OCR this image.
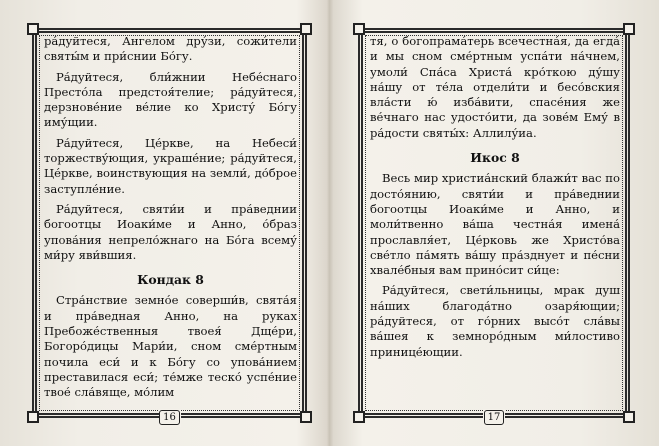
ра́дуйтеся, Ангелом дру́зи, сожи́тели святы́м и при́снии Бо́гу.

Ра́дуйтеся, бли́жнии Небе́снаго Престо́ла предстоя́телие; ра́дуйтеся, дерзнове́ние ве́лие ко Христу́ Бо́гу иму́щии.

Ра́дуйтеся, Це́ркве, на Небеси́ торжеству́ющия, украше́ние; ра́дуйтеся, Це́ркве, воинствующия на земли́, до́брое заступле́ние.

Ра́дуйтеся, святи́и и пра́веднии богоотцы Иоаки́ме и Анно, о́браз упова́ния непрело́жнаго на Бо́га всему́ ми́ру яви́вшия.

Кондак 8

Стра́нствие земно́е соверши́в, свята́я и пра́ведная Анно, на руках Пребоже́ственныя твоея́ Дще́ри, Богоро́дицы Мари́и, сном сме́ртным почила еси́ и к Бо́гу со упова́нием преставилася еси́; те́мже теско́ успе́ние твое́ сла́вяще, мо́лим

16

тя, о богопрама́терь всечестна́я, да егда́ и мы сном сме́ртным успа́ти на́чнем, умоли́ Спа́са Христа́ кро́ткою ду́шу на́шу от те́ла отдели́ти и бесо́вския вла́сти ю́ изба́вити, спасе́ния же ве́чнаго нас удосто́ити, да зове́м Ему́ в ра́дости святы́х: Аллилу́иа.

Икос 8

Весь мир христиа́нский блажи́т вас по досто́янию, святи́и и пра́веднии богоотцы Иоаки́ме и Анно, и моли́твенно ва́ша честна́я имена́ прославля́ет, Це́рковь же Христо́ва све́тло па́мять ва́шу пра́зднует и пе́сни хвале́бныя вам прино́сит си́це:

Ра́дуйтеся, свети́льницы, мрак душ на́ших благода́тно озаря́ющии; ра́дуйтеся, от го́рних высо́т сла́вы ва́шея к земноро́дным ми́лостиво принице́ющии.

17
